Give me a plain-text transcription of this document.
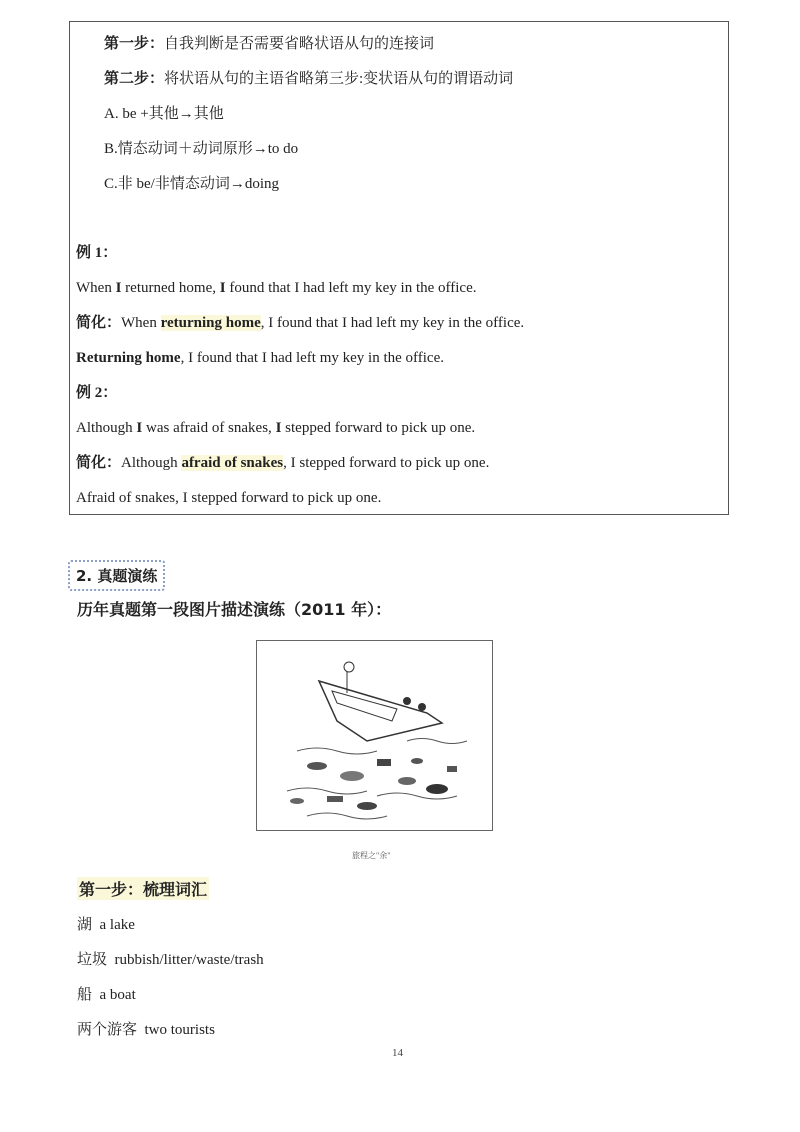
第一步：自我判断是否需要省略状语从句的连接词
第二步：将状语从句的主语省略第三步:变状语从句的谓语动词
A. be +其他→其他
B.情态动词＋动词原形→to do
C.非 be/非情态动词→doing
例 1：
When I returned home, I found that I had left my key in the office.
简化：When returning home, I found that I had left my key in the office.
Returning home, I found that I had left my key in the office.
例 2：
Although I was afraid of snakes, I stepped forward to pick up one.
简化：Although afraid of snakes, I stepped forward to pick up one.
Afraid of snakes, I stepped forward to pick up one.
2. 真题演练
历年真题第一段图片描述演练（2011 年）：
旅程之"余"
第一步：梳理词汇
湖 a lake
垃圾 rubbish/litter/waste/trash
船 a boat
两个游客 two tourists
14
